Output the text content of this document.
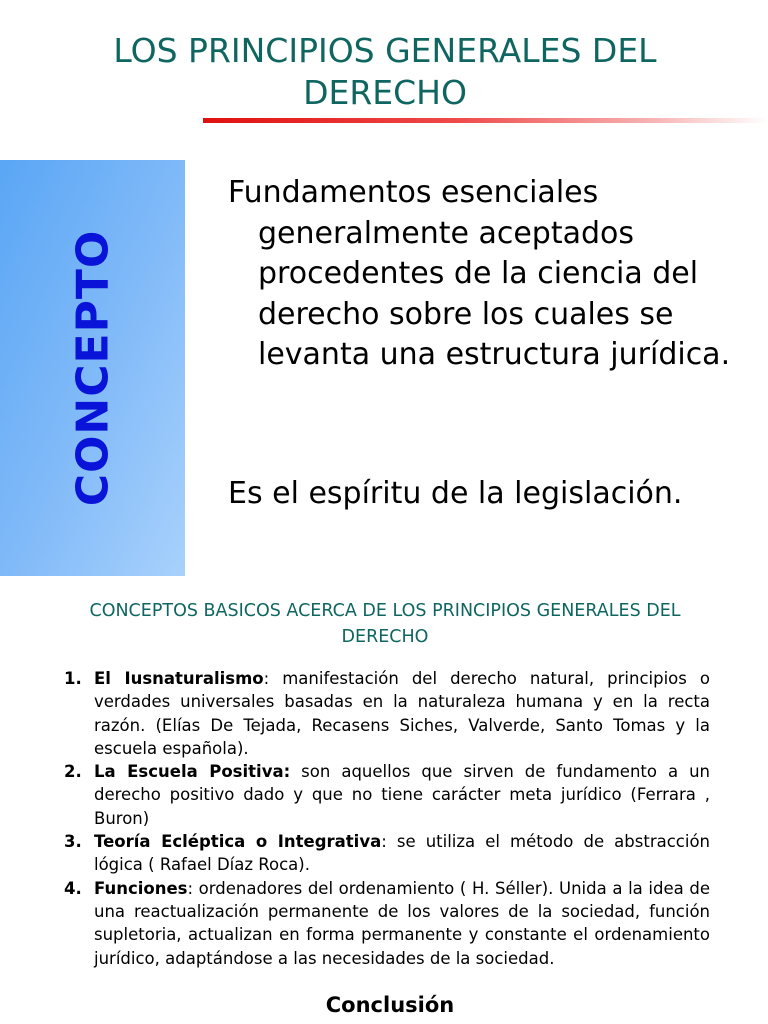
LOS PRINCIPIOS GENERALES DEL DERECHO
CONCEPTO

Fundamentos esenciales generalmente aceptados procedentes de la ciencia del derecho sobre los cuales se levanta una estructura jurídica.

Es el espíritu de la legislación.

CONCEPTOS BASICOS ACERCA DE LOS PRINCIPIOS GENERALES DEL DERECHO
1. El Iusnaturalismo: manifestación del derecho natural, principios o verdades universales basadas en la naturaleza humana y en la recta razón. (Elías De Tejada, Recasens Siches, Valverde, Santo Tomas y la escuela española).
2. La Escuela Positiva: son aquellos que sirven de fundamento a un derecho positivo dado y que no tiene carácter meta jurídico (Ferrara , Buron)
3. Teoría Ecléptica o Integrativa: se utiliza el método de abstracción lógica ( Rafael Díaz Roca).
4. Funciones: ordenadores del ordenamiento ( H. Séller). Unida a la idea de una reactualización permanente de los valores de la sociedad, función supletoria, actualizan en forma permanente y constante el ordenamiento jurídico, adaptándose a las necesidades de la sociedad.
Conclusión
